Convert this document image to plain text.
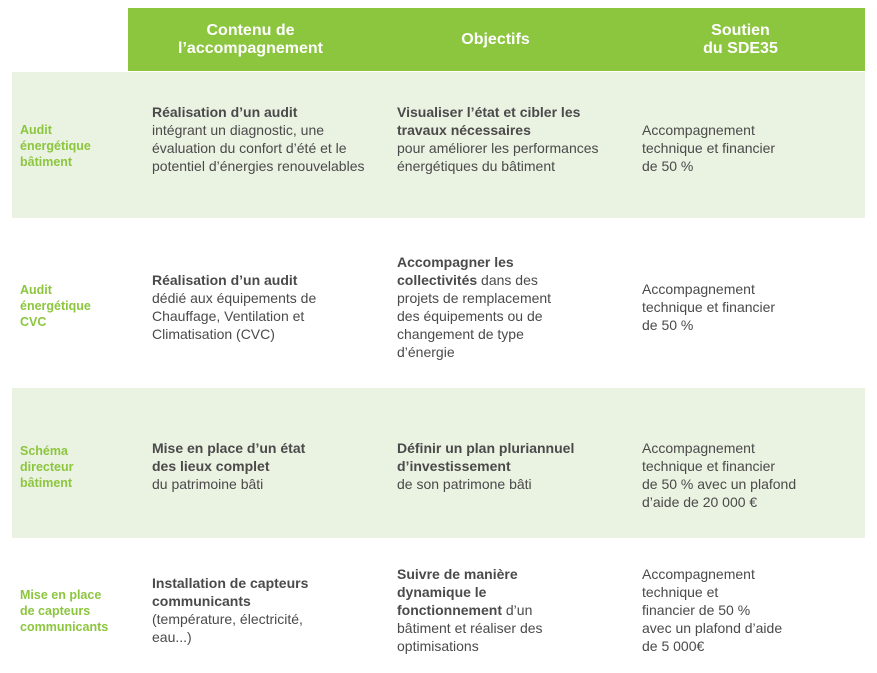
Contenu de
l’accompagnement
Objectifs
Soutien
du SDE35
Audit
énergétique
bâtiment
Réalisation d’un audit
intégrant un diagnostic, une évaluation du confort d’été et le potentiel d’énergies renouvelables
Visualiser l’état et cibler les travaux nécessaires
pour améliorer les performances énergétiques du bâtiment
Accompagnement
technique et financier
de 50 %
Audit
énergétique
CVC
Réalisation d’un audit
dédié aux équipements de Chauffage, Ventilation et Climatisation (CVC)
Accompagner les collectivités dans des projets de remplacement des équipements ou de changement de type d’énergie
Accompagnement
technique et financier
de 50 %
Schéma
directeur
bâtiment
Mise en place d’un état des lieux complet
du patrimoine bâti
Définir un plan pluriannuel d’investissement
de son patrimone bâti
Accompagnement
technique et financier
de 50 % avec un plafond
d’aide de 20 000 €
Mise en place
de capteurs
communicants
Installation de capteurs communicants
(température, électricité, eau...)
Suivre de manière dynamique le fonctionnement d’un bâtiment et réaliser des optimisations
Accompagnement
technique et
financier de 50 %
avec un plafond d’aide
de 5 000€
